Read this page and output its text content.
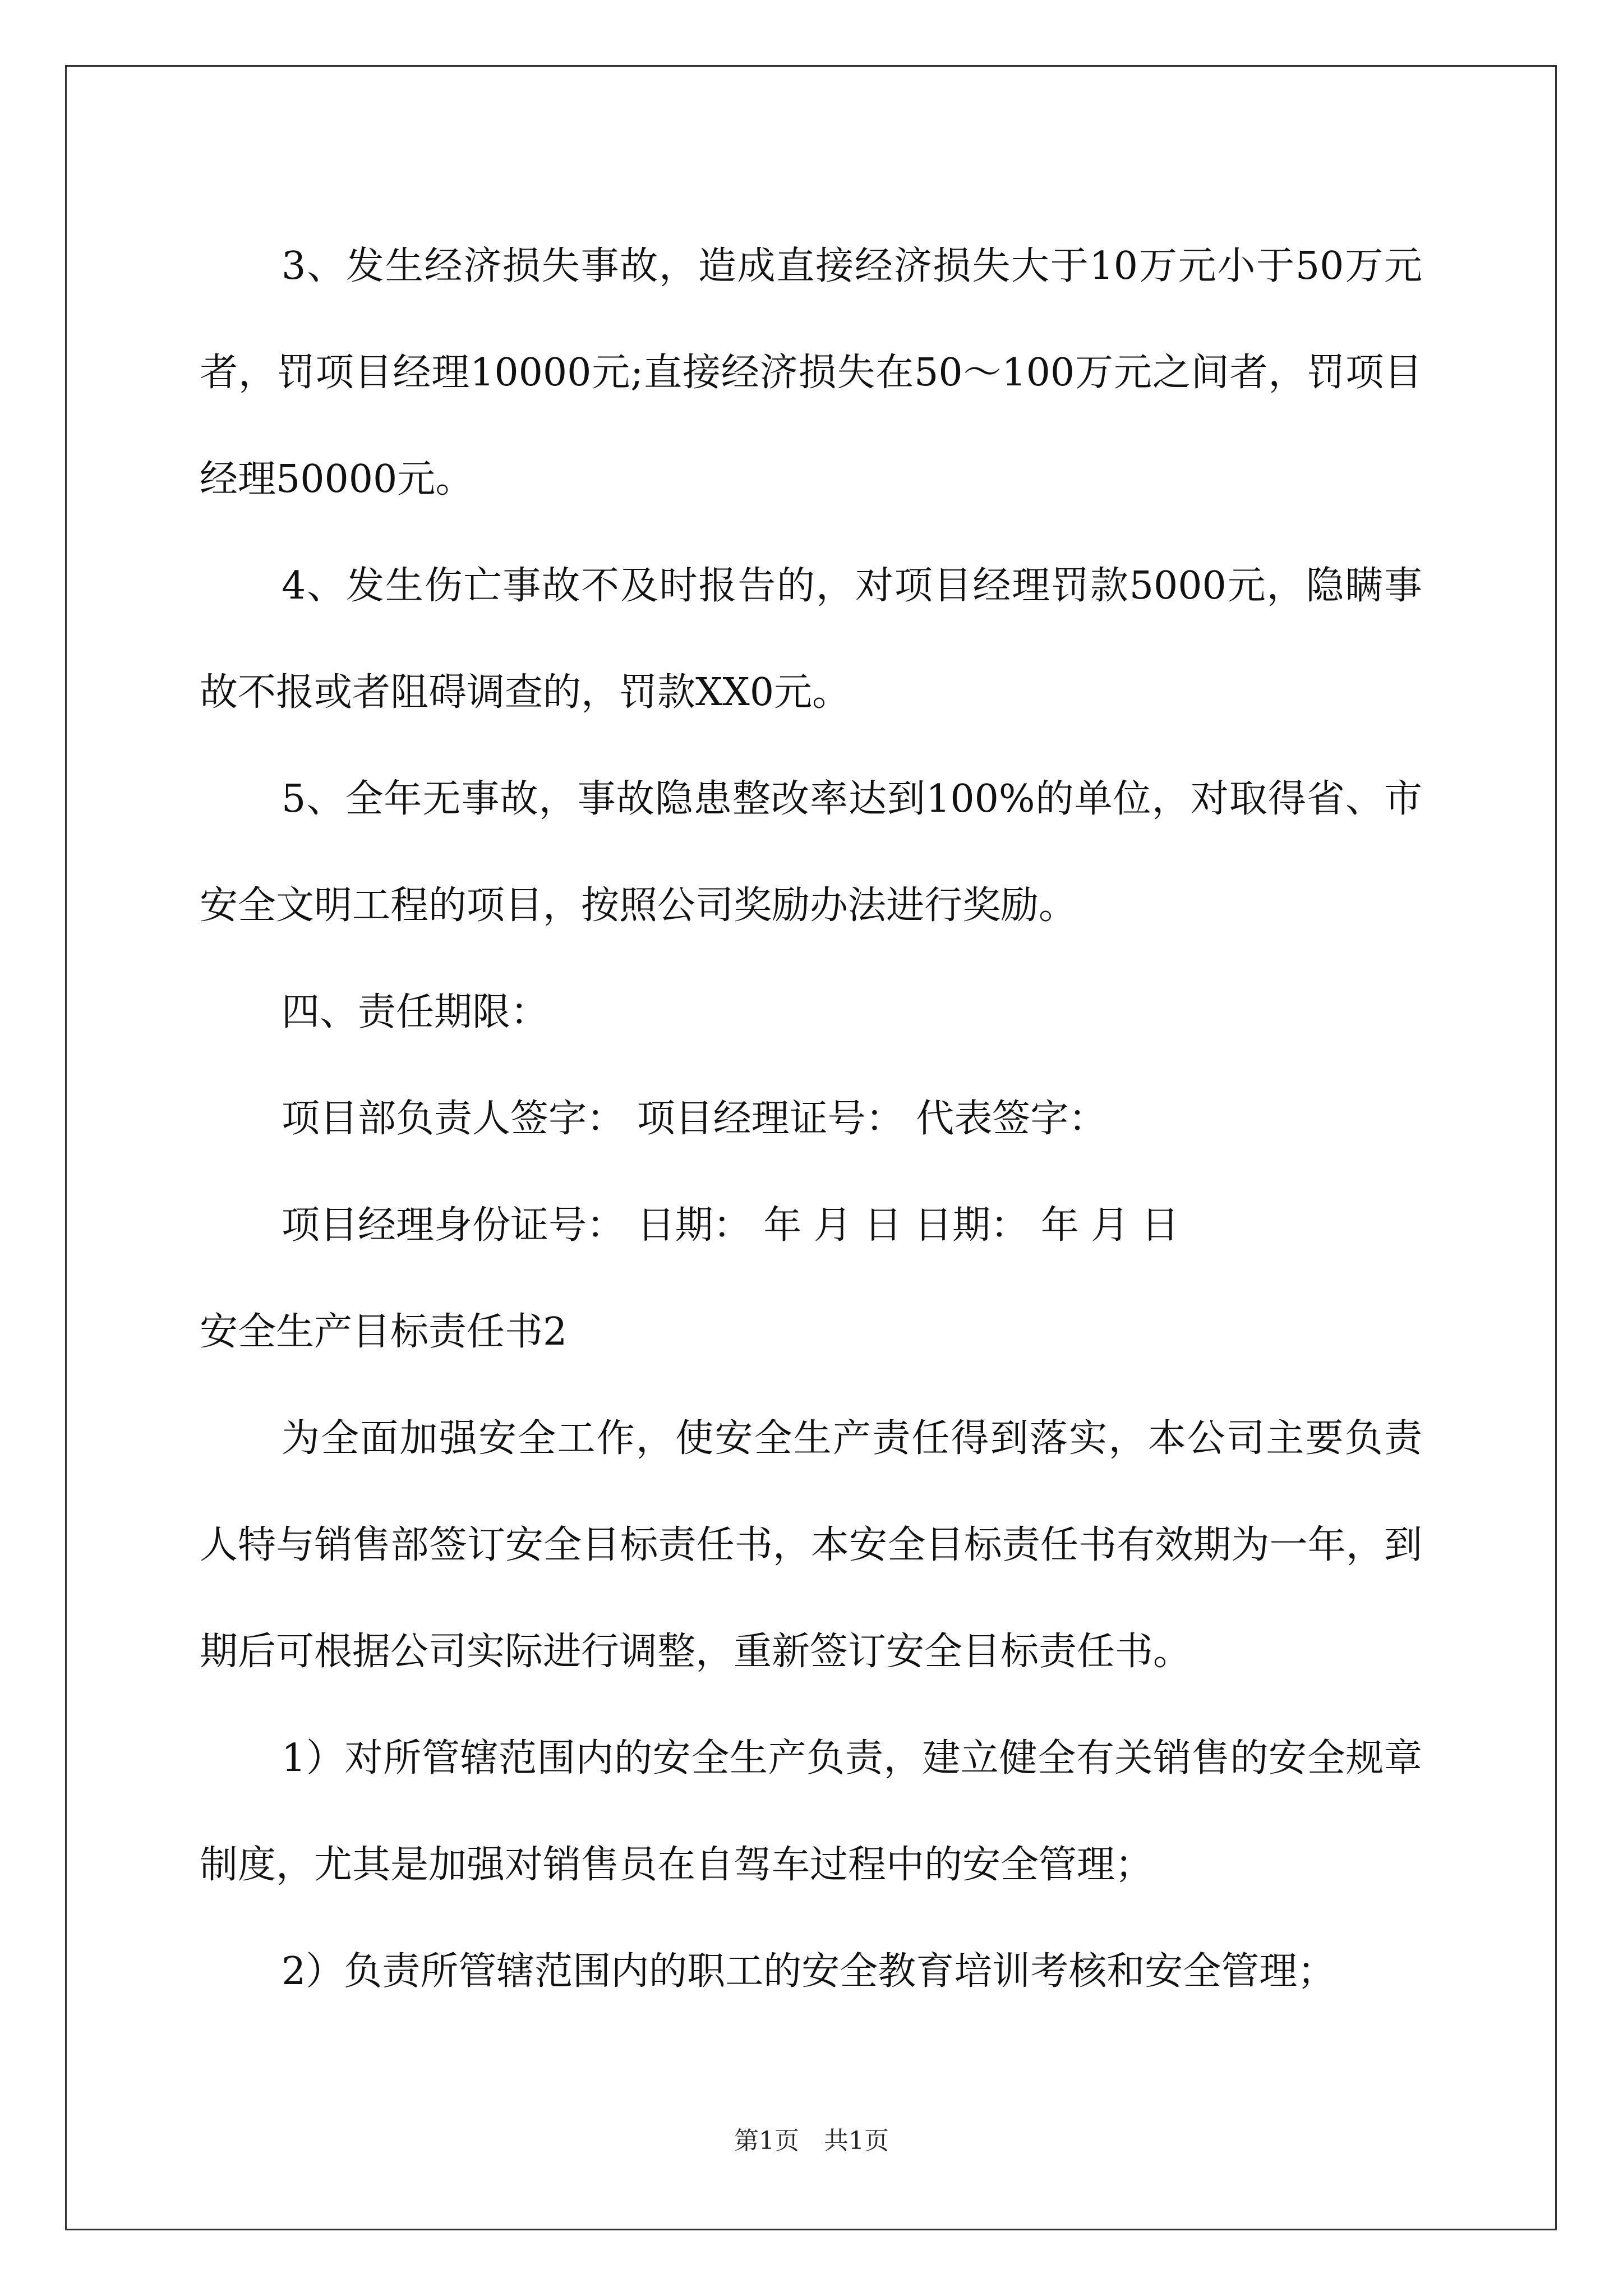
3、发生经济损失事故，造成直接经济损失大于10万元小于50万元者，罚项目经理10000元;直接经济损失在50～100万元之间者，罚项目经理50000元。

4、发生伤亡事故不及时报告的，对项目经理罚款5000元，隐瞒事故不报或者阻碍调查的，罚款XX0元。

5、全年无事故，事故隐患整改率达到100%的单位，对取得省、市安全文明工程的项目，按照公司奖励办法进行奖励。

四、责任期限：

项目部负责人签字： 项目经理证号： 代表签字：

项目经理身份证号： 日期： 年 月 日 日期： 年 月 日

安全生产目标责任书2

为全面加强安全工作，使安全生产责任得到落实，本公司主要负责人特与销售部签订安全目标责任书，本安全目标责任书有效期为一年，到期后可根据公司实际进行调整，重新签订安全目标责任书。

1）对所管辖范围内的安全生产负责，建立健全有关销售的安全规章制度，尤其是加强对销售员在自驾车过程中的安全管理；

2）负责所管辖范围内的职工的安全教育培训考核和安全管理；

第1页　共1页
